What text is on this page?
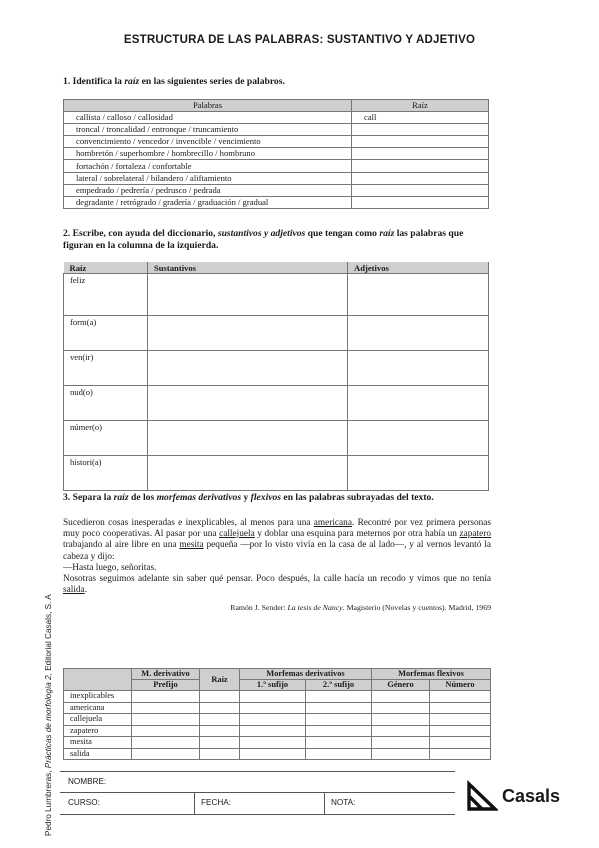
ESTRUCTURA DE LAS PALABRAS: SUSTANTIVO Y ADJETIVO
1. Identifica la raíz en las siguientes series de palabros.
Palabras	Raíz
callista / calloso / callosidad	call
troncal / troncalidad / entronque / truncamiento	
convencimiento / vencedor / invencible / vencimiento	
hombretón / superhombre / hombrecillo / hombruno	
fortachón / fortaleza / confortable	
lateral / sobrelateral / bilandero / aliftamiento	
empedrado / pedrería / pedrusco / pedrada	
degradante / retrógrado / gradería / graduación / gradual	
2. Escribe, con ayuda del diccionario, sustantivos y adjetivos que tengan como raíz las palabras que figuran en la columna de la izquierda.
Raíz	Sustantivos	Adjetivos
feliz		
form(a)		
ven(ir)		
nud(o)		
númer(o)		
histori(a)		
3. Separa la raíz de los morfemas derivativos y flexivos en las palabras subrayadas del texto.
Sucedieron cosas inesperadas e inexplicables, al menos para una americana. Recontré por vez primera personas muy poco cooperativas. Al pasar por una callejuela y doblar una esquina para meternos por otra había un zapatero trabajando al aire libre en una mesita pequeña —por lo visto vivía en la casa de al lado—, y al vernos levantó la cabeza y dijo:
—Hasta luego, señoritas.
Nosotras seguimos adelante sin saber qué pensar. Poco después, la calle hacía un recodo y vimos que no tenía salida.
Ramón J. Sender: La tesis de Nancy. Magisterio (Novelas y cuentos). Madrid, 1969
	M. derivativo	Raíz	Morfemas derivativos		Morfemas flexivos	
	Prefijo		1.º sufijo	2.º sufijo	Género	Número
inexplicables						
americana						
callejuela						
zapatero						
mesita						
salida						
NOMBRE:
CURSO:	FECHA:	NOTA:
Pedro Lumbreras, Prácticas de morfología 2, Editorial Casals, S. A
Casals
